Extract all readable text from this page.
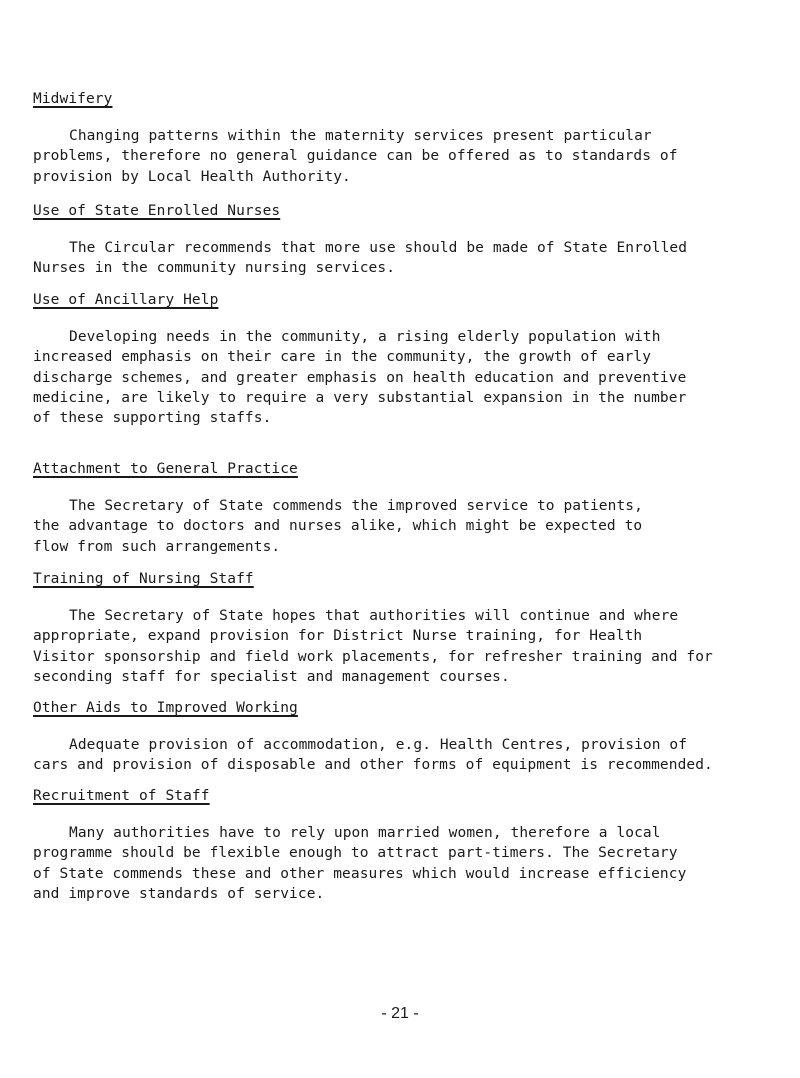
Midwifery
Changing patterns within the maternity services present particular
problems, therefore no general guidance can be offered as to standards of
provision by Local Health Authority.
Use of State Enrolled Nurses
The Circular recommends that more use should be made of State Enrolled
Nurses in the community nursing services.
Use of Ancillary Help
Developing needs in the community, a rising elderly population with
increased emphasis on their care in the community, the growth of early
discharge schemes, and greater emphasis on health education and preventive
medicine, are likely to require a very substantial expansion in the number
of these supporting staffs.
Attachment to General Practice
The Secretary of State commends the improved service to patients,
the advantage to doctors and nurses alike, which might be expected to
flow from such arrangements.
Training of Nursing Staff
The Secretary of State hopes that authorities will continue and where
appropriate, expand provision for District Nurse training, for Health
Visitor sponsorship and field work placements, for refresher training and for
seconding staff for specialist and management courses.
Other Aids to Improved Working
Adequate provision of accommodation, e.g. Health Centres, provision of
cars and provision of disposable and other forms of equipment is recommended.
Recruitment of Staff
Many authorities have to rely upon married women, therefore a local
programme should be flexible enough to attract part-timers. The Secretary
of State commends these and other measures which would increase efficiency
and improve standards of service.
- 21 -
